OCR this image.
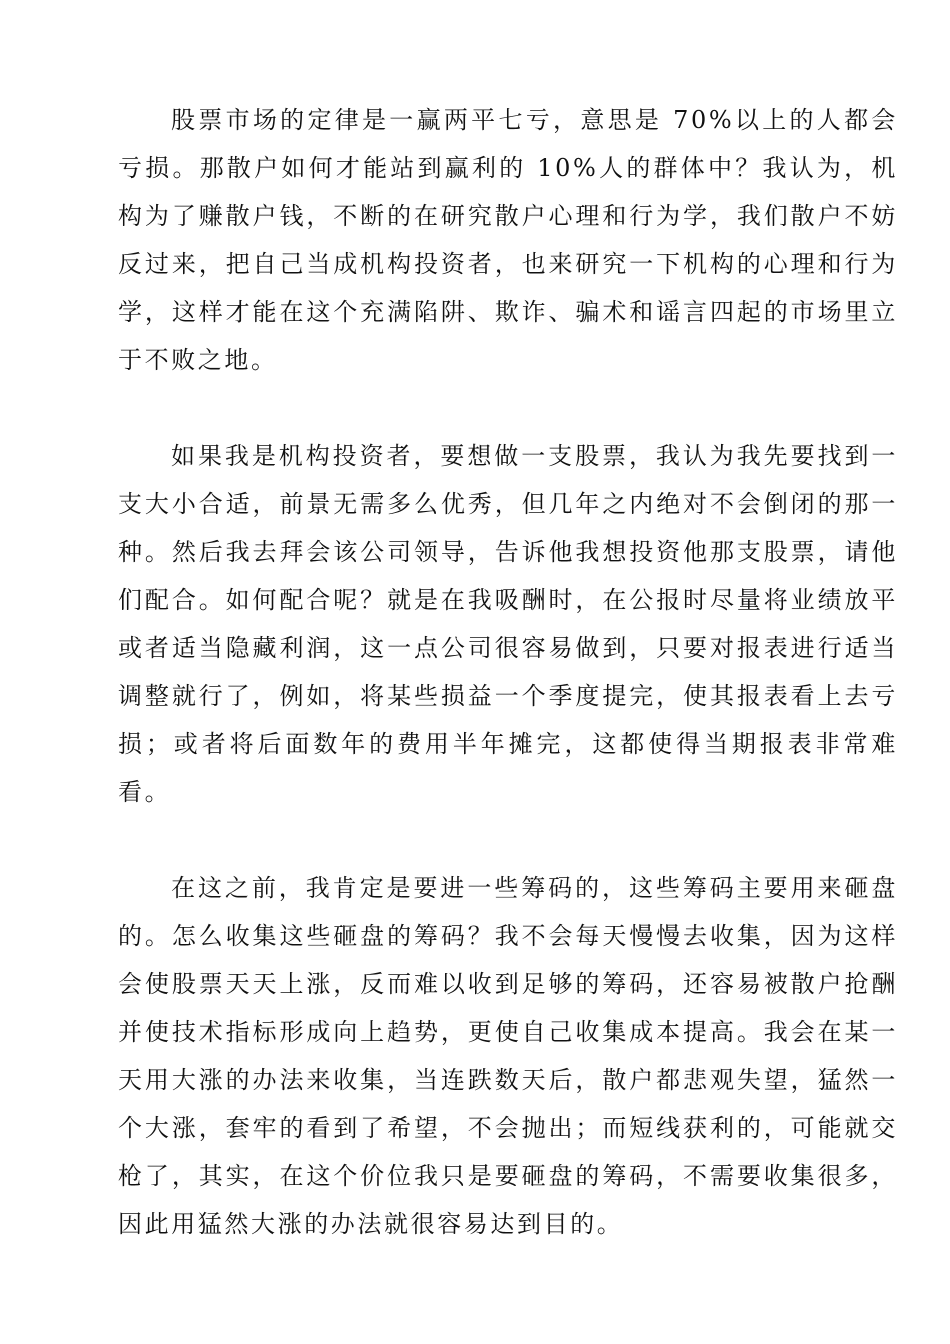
股票市场的定律是一赢两平七亏，意思是 70%以上的人都会亏损。那散户如何才能站到赢利的 10%人的群体中？我认为，机构为了赚散户钱，不断的在研究散户心理和行为学，我们散户不妨反过来，把自己当成机构投资者，也来研究一下机构的心理和行为学，这样才能在这个充满陷阱、欺诈、骗术和谣言四起的市场里立于不败之地。

如果我是机构投资者，要想做一支股票，我认为我先要找到一支大小合适，前景无需多么优秀，但几年之内绝对不会倒闭的那一种。然后我去拜会该公司领导，告诉他我想投资他那支股票，请他们配合。如何配合呢？就是在我吸酬时，在公报时尽量将业绩放平或者适当隐藏利润，这一点公司很容易做到，只要对报表进行适当调整就行了，例如，将某些损益一个季度提完，使其报表看上去亏损；或者将后面数年的费用半年摊完，这都使得当期报表非常难看。

在这之前，我肯定是要进一些筹码的，这些筹码主要用来砸盘的。怎么收集这些砸盘的筹码？我不会每天慢慢去收集，因为这样会使股票天天上涨，反而难以收到足够的筹码，还容易被散户抢酬并使技术指标形成向上趋势，更使自己收集成本提高。我会在某一天用大涨的办法来收集，当连跌数天后，散户都悲观失望，猛然一个大涨，套牢的看到了希望，不会抛出；而短线获利的，可能就交枪了，其实，在这个价位我只是要砸盘的筹码，不需要收集很多，因此用猛然大涨的办法就很容易达到目的。
